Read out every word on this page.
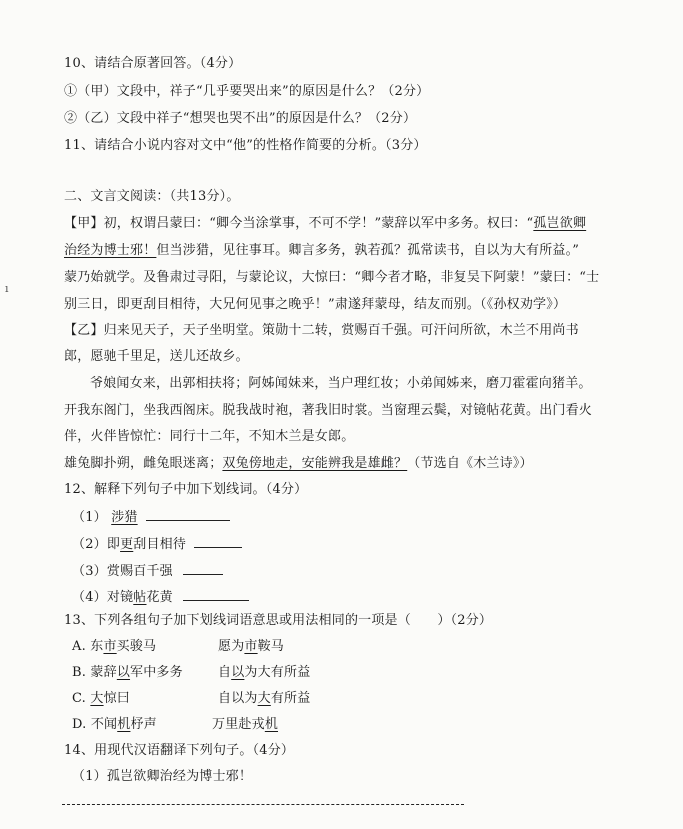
ı
10、请结合原著回答。（4分）
①（甲）文段中，祥子“几乎要哭出来”的原因是什么？（2分）
②（乙）文段中祥子“想哭也哭不出”的原因是什么？（2分）
11、请结合小说内容对文中“他”的性格作简要的分析。（3分）
二、文言文阅读：（共13分）。
【甲】初，权谓吕蒙曰：“卿今当涂掌事，不可不学！”蒙辞以军中多务。权曰：“孤岂欲卿
治经为博士邪！但当涉猎，见往事耳。卿言多务，孰若孤？孤常读书，自以为大有所益。”
蒙乃始就学。及鲁肃过寻阳，与蒙论议，大惊曰：“卿今者才略，非复吴下阿蒙！”蒙曰：“士
别三日，即更刮目相待，大兄何见事之晚乎！”肃遂拜蒙母，结友而别。（《孙权劝学》）
【乙】归来见天子，天子坐明堂。策勋十二转，赏赐百千强。可汗问所欲，木兰不用尚书
郎，愿驰千里足，送儿还故乡。
爷娘闻女来，出郭相扶将；阿姊闻妹来，当户理红妆；小弟闻姊来，磨刀霍霍向猪羊。
开我东阁门，坐我西阁床。脱我战时袍，著我旧时裳。当窗理云鬓，对镜帖花黄。出门看火
伴，火伴皆惊忙：同行十二年，不知木兰是女郎。
雄兔脚扑朔，雌兔眼迷离；双兔傍地走，安能辨我是雄雌？（节选自《木兰诗》）
12、解释下列句子中加下划线词。（4分）
（1） 涉猎
（2）即更刮目相待
（3）赏赐百千强
（4）对镜帖花黄
13、下列各组句子加下划线词语意思或用法相同的一项是（　　）（2分）
A. 东市买骏马	愿为市鞍马
B. 蒙辞以军中多务	自以为大有所益
C. 大惊曰	自以为大有所益
D. 不闻机杼声	万里赴戎机
14、用现代汉语翻译下列句子。（4分）
（1）孤岂欲卿治经为博士邪！
